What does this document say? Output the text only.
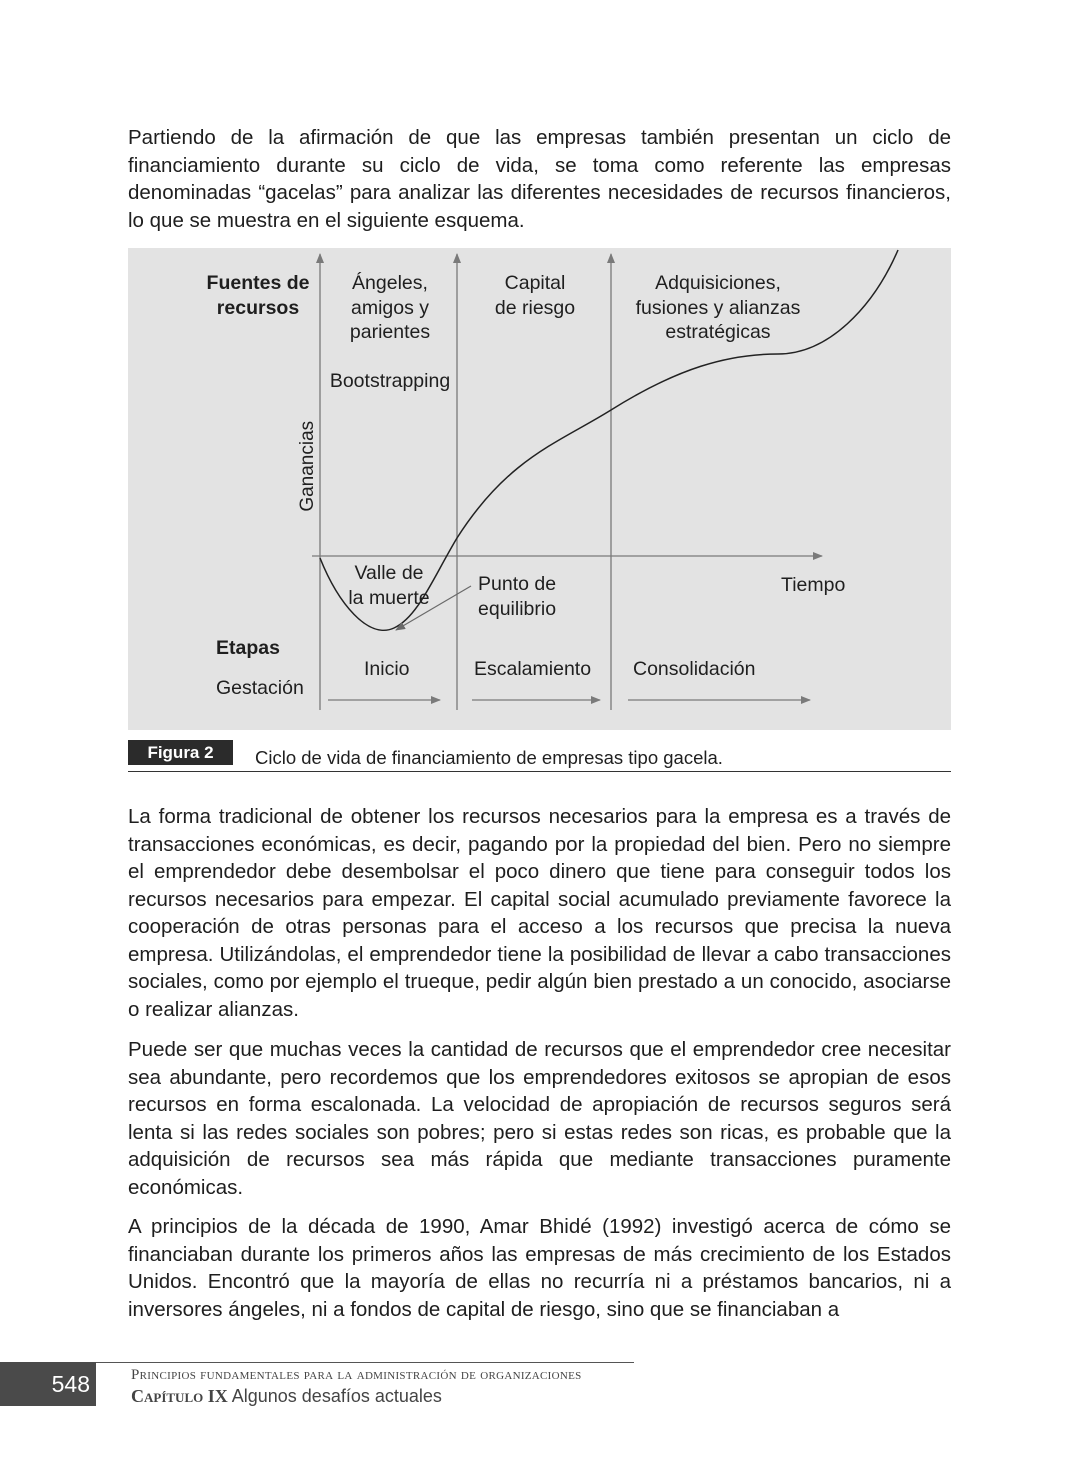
Partiendo de la afirmación de que las empresas también presentan un ciclo de financiamiento durante su ciclo de vida, se toma como referente las empresas denominadas “gacelas” para analizar las diferentes necesidades de recursos financieros, lo que se muestra en el siguiente esquema.

Fuentes de
recursos
Ángeles,
amigos y
parientes
Bootstrapping
Capital
de riesgo
Adquisiciones,
fusiones y alianzas
estratégicas
Ganancias
Tiempo
Valle de
la muerte
Punto de
equilibrio
Etapas
Gestación
Inicio	Escalamiento Consolidación
Figura 2	Ciclo de vida de financiamiento de empresas tipo gacela.

La forma tradicional de obtener los recursos necesarios para la empresa es a través de transacciones económicas, es decir, pagando por la propiedad del bien. Pero no siempre el emprendedor debe desembolsar el poco dinero que tiene para conseguir todos los recursos necesarios para empezar. El capital social acumulado previamente favorece la cooperación de otras personas para el acceso a los recursos que precisa la nueva empresa. Utilizándolas, el emprendedor tiene la posibilidad de llevar a cabo transacciones sociales, como por ejemplo el trueque, pedir algún bien prestado a un conocido, asociarse o realizar alianzas.

Puede ser que muchas veces la cantidad de recursos que el emprendedor cree necesitar sea abundante, pero recordemos que los emprendedores exitosos se apropian de esos recursos en forma escalonada. La velocidad de apropiación de recursos seguros será lenta si las redes sociales son pobres; pero si estas redes son ricas, es probable que la adquisición de recursos sea más rápida que mediante transacciones puramente económicas.

A principios de la década de 1990, Amar Bhidé (1992) investigó acerca de cómo se financiaban durante los primeros años las empresas de más crecimiento de los Estados Unidos. Encontró que la mayoría de ellas no recurría ni a préstamos bancarios, ni a inversores ángeles, ni a fondos de capital de riesgo, sino que se financiaban a

548	Principios fundamentales para la administración de organizaciones
Capítulo IX Algunos desafíos actuales
